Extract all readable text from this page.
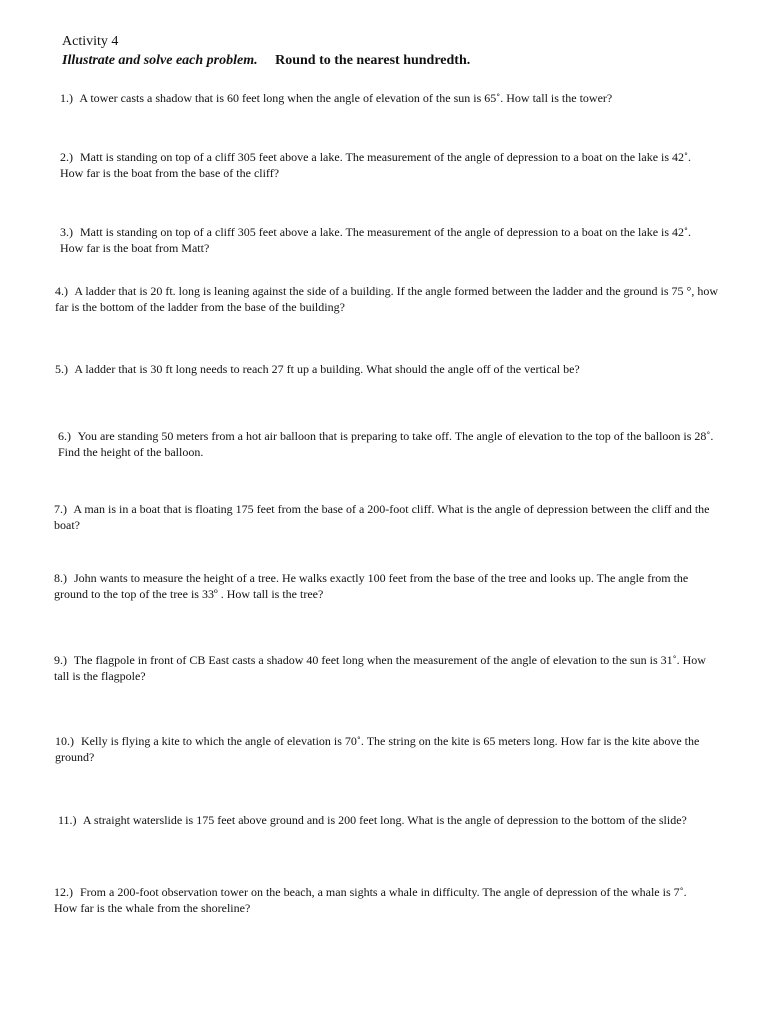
Activity 4
Illustrate and solve each problem. Round to the nearest hundredth.

1.) A tower casts a shadow that is 60 feet long when the angle of elevation of the sun is 65˚. How tall is the tower?

2.) Matt is standing on top of a cliff 305 feet above a lake. The measurement of the angle of depression to a boat on the lake is 42˚. How far is the boat from the base of the cliff?

3.) Matt is standing on top of a cliff 305 feet above a lake. The measurement of the angle of depression to a boat on the lake is 42˚. How far is the boat from Matt?

4.) A ladder that is 20 ft. long is leaning against the side of a building. If the angle formed between the ladder and the ground is 75 °, how far is the bottom of the ladder from the base of the building?

5.) A ladder that is 30 ft long needs to reach 27 ft up a building. What should the angle off of the vertical be?

6.) You are standing 50 meters from a hot air balloon that is preparing to take off. The angle of elevation to the top of the balloon is 28˚. Find the height of the balloon.

7.) A man is in a boat that is floating 175 feet from the base of a 200-foot cliff. What is the angle of depression between the cliff and the boat?

8.) John wants to measure the height of a tree. He walks exactly 100 feet from the base of the tree and looks up. The angle from the ground to the top of the tree is 33º . How tall is the tree?

9.) The flagpole in front of CB East casts a shadow 40 feet long when the measurement of the angle of elevation to the sun is 31˚. How tall is the flagpole?

10.) Kelly is flying a kite to which the angle of elevation is 70˚. The string on the kite is 65 meters long. How far is the kite above the ground?

11.) A straight waterslide is 175 feet above ground and is 200 feet long. What is the angle of depression to the bottom of the slide?

12.) From a 200-foot observation tower on the beach, a man sights a whale in difficulty. The angle of depression of the whale is 7˚. How far is the whale from the shoreline?
